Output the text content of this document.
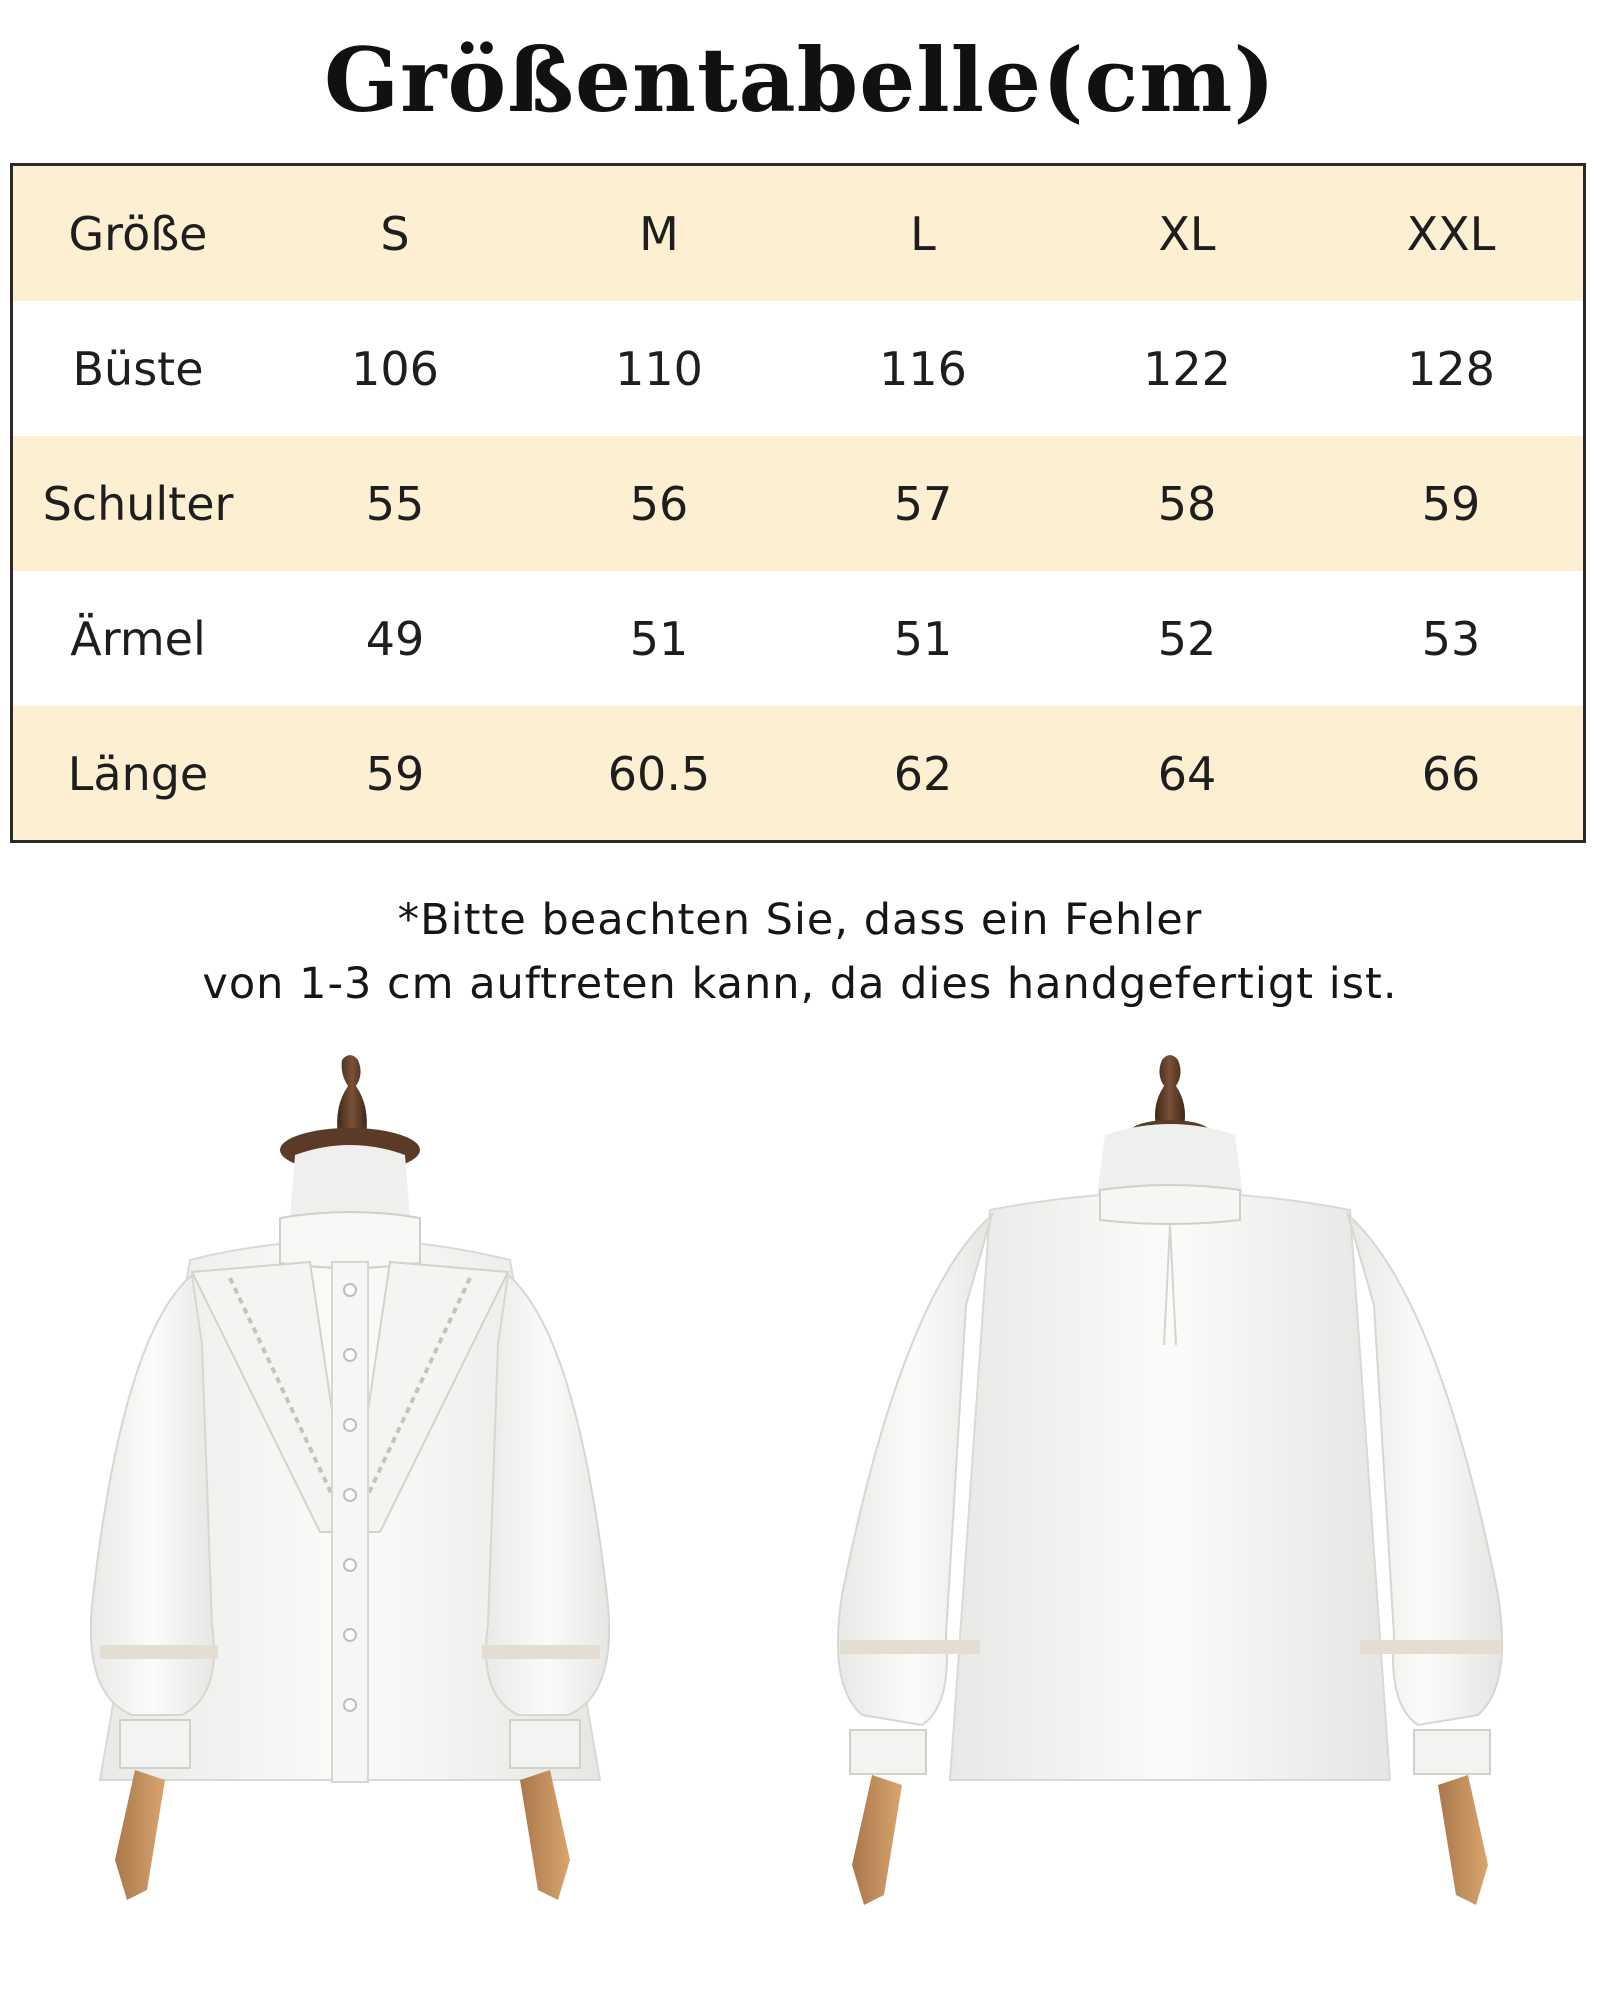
Größentabelle(cm)
Größe	S	M	L	XL	XXL
Büste	106	110	116	122	128
Schulter	55	56	57	58	59
Ärmel	49	51	51	52	53
Länge	59	60.5	62	64	66
*Bitte beachten Sie, dass ein Fehler
von 1-3 cm auftreten kann, da dies handgefertigt ist.
